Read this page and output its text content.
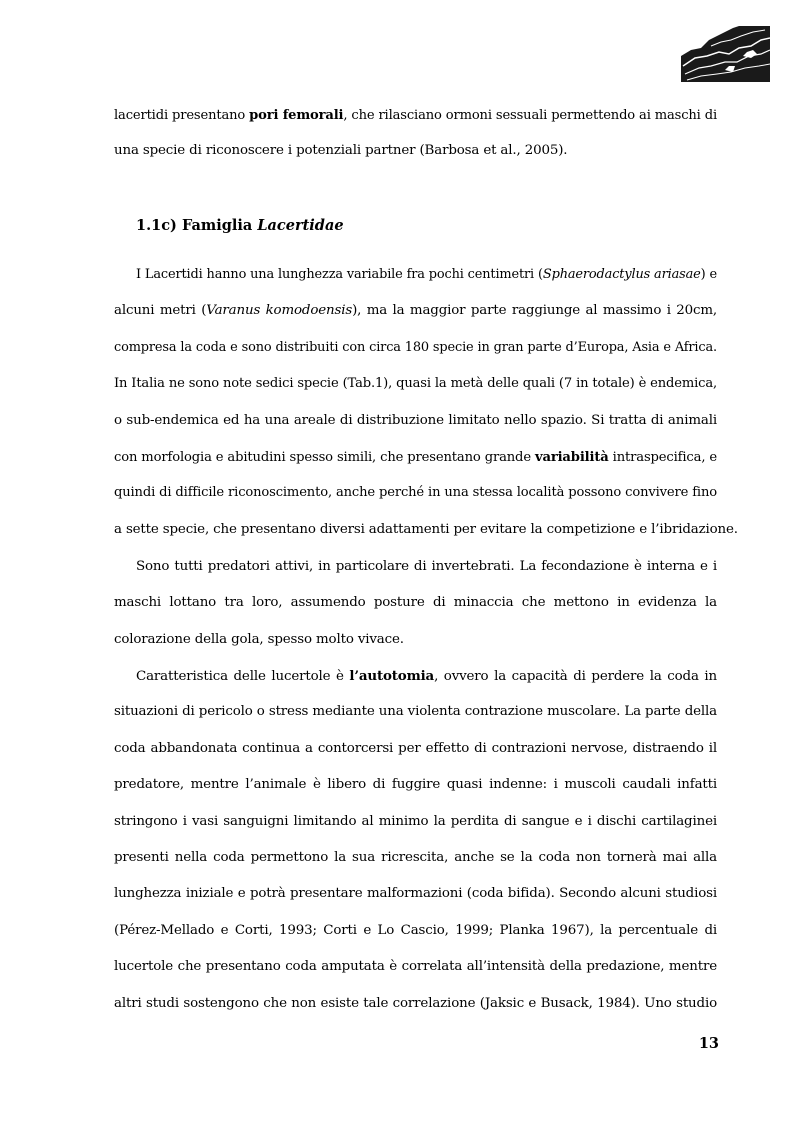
lacertidi presentano pori femorali, che rilasciano ormoni sessuali permettendo ai maschi di
una specie di riconoscere i potenziali partner (Barbosa et al., 2005).
1.1c) Famiglia Lacertidae
I Lacertidi hanno una lunghezza variabile fra pochi centimetri (Sphaerodactylus ariasae) e
alcuni metri (Varanus komodoensis), ma la maggior parte raggiunge al massimo i 20cm,
compresa la coda e sono distribuiti con circa 180 specie in gran parte d’Europa, Asia e Africa.
In Italia ne sono note sedici specie (Tab.1), quasi la metà delle quali (7 in totale) è endemica,
o sub-endemica ed ha una areale di distribuzione limitato nello spazio. Si tratta di animali
con morfologia e abitudini spesso simili, che presentano grande variabilità intraspecifica, e
quindi di difficile riconoscimento, anche perché in una stessa località possono convivere fino
a sette specie, che presentano diversi adattamenti per evitare la competizione e l’ibridazione.
Sono tutti predatori attivi, in particolare di invertebrati. La fecondazione è interna e i
maschi lottano tra loro, assumendo posture di minaccia che mettono in evidenza la
colorazione della gola, spesso molto vivace.
Caratteristica delle lucertole è l’autotomia, ovvero la capacità di perdere la coda in
situazioni di pericolo o stress mediante una violenta contrazione muscolare. La parte della
coda abbandonata continua a contorcersi per effetto di contrazioni nervose, distraendo il
predatore, mentre l’animale è libero di fuggire quasi indenne: i muscoli caudali infatti
stringono i vasi sanguigni limitando al minimo la perdita di sangue e i dischi cartilaginei
presenti nella coda permettono la sua ricrescita, anche se la coda non tornerà mai alla
lunghezza iniziale e potrà presentare malformazioni (coda bifida). Secondo alcuni studiosi
(Pérez-Mellado e Corti, 1993; Corti e Lo Cascio, 1999; Planka 1967), la percentuale di
lucertole che presentano coda amputata è correlata all’intensità della predazione, mentre
altri studi sostengono che non esiste tale correlazione (Jaksic e Busack, 1984). Uno studio
13
